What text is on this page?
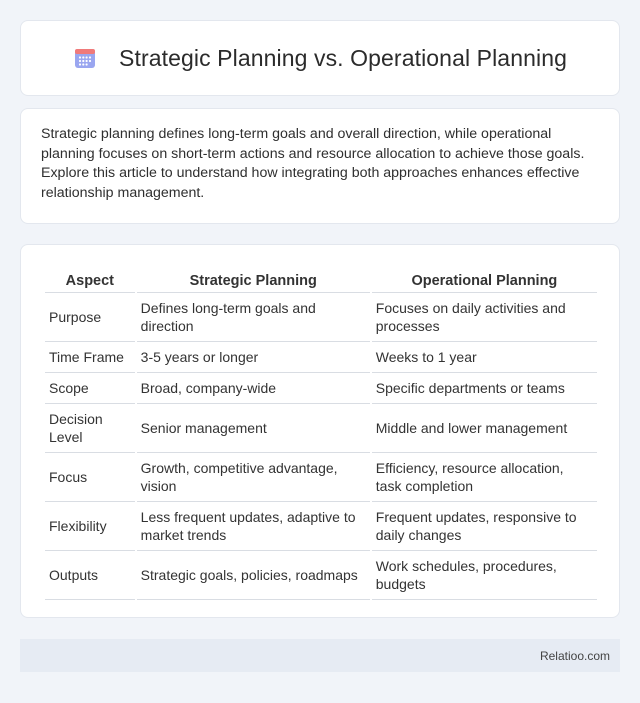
Strategic Planning vs. Operational Planning

Strategic planning defines long-term goals and overall direction, while operational planning focuses on short-term actions and resource allocation to achieve those goals. Explore this article to understand how integrating both approaches enhances effective relationship management.

Aspect	Strategic Planning	Operational Planning
Purpose	Defines long-term goals and direction	Focuses on daily activities and processes
Time Frame	3-5 years or longer	Weeks to 1 year
Scope	Broad, company-wide	Specific departments or teams
Decision Level	Senior management	Middle and lower management
Focus	Growth, competitive advantage, vision	Efficiency, resource allocation, task completion
Flexibility	Less frequent updates, adaptive to market trends	Frequent updates, responsive to daily changes
Outputs	Strategic goals, policies, roadmaps	Work schedules, procedures, budgets
Relatioo.com
